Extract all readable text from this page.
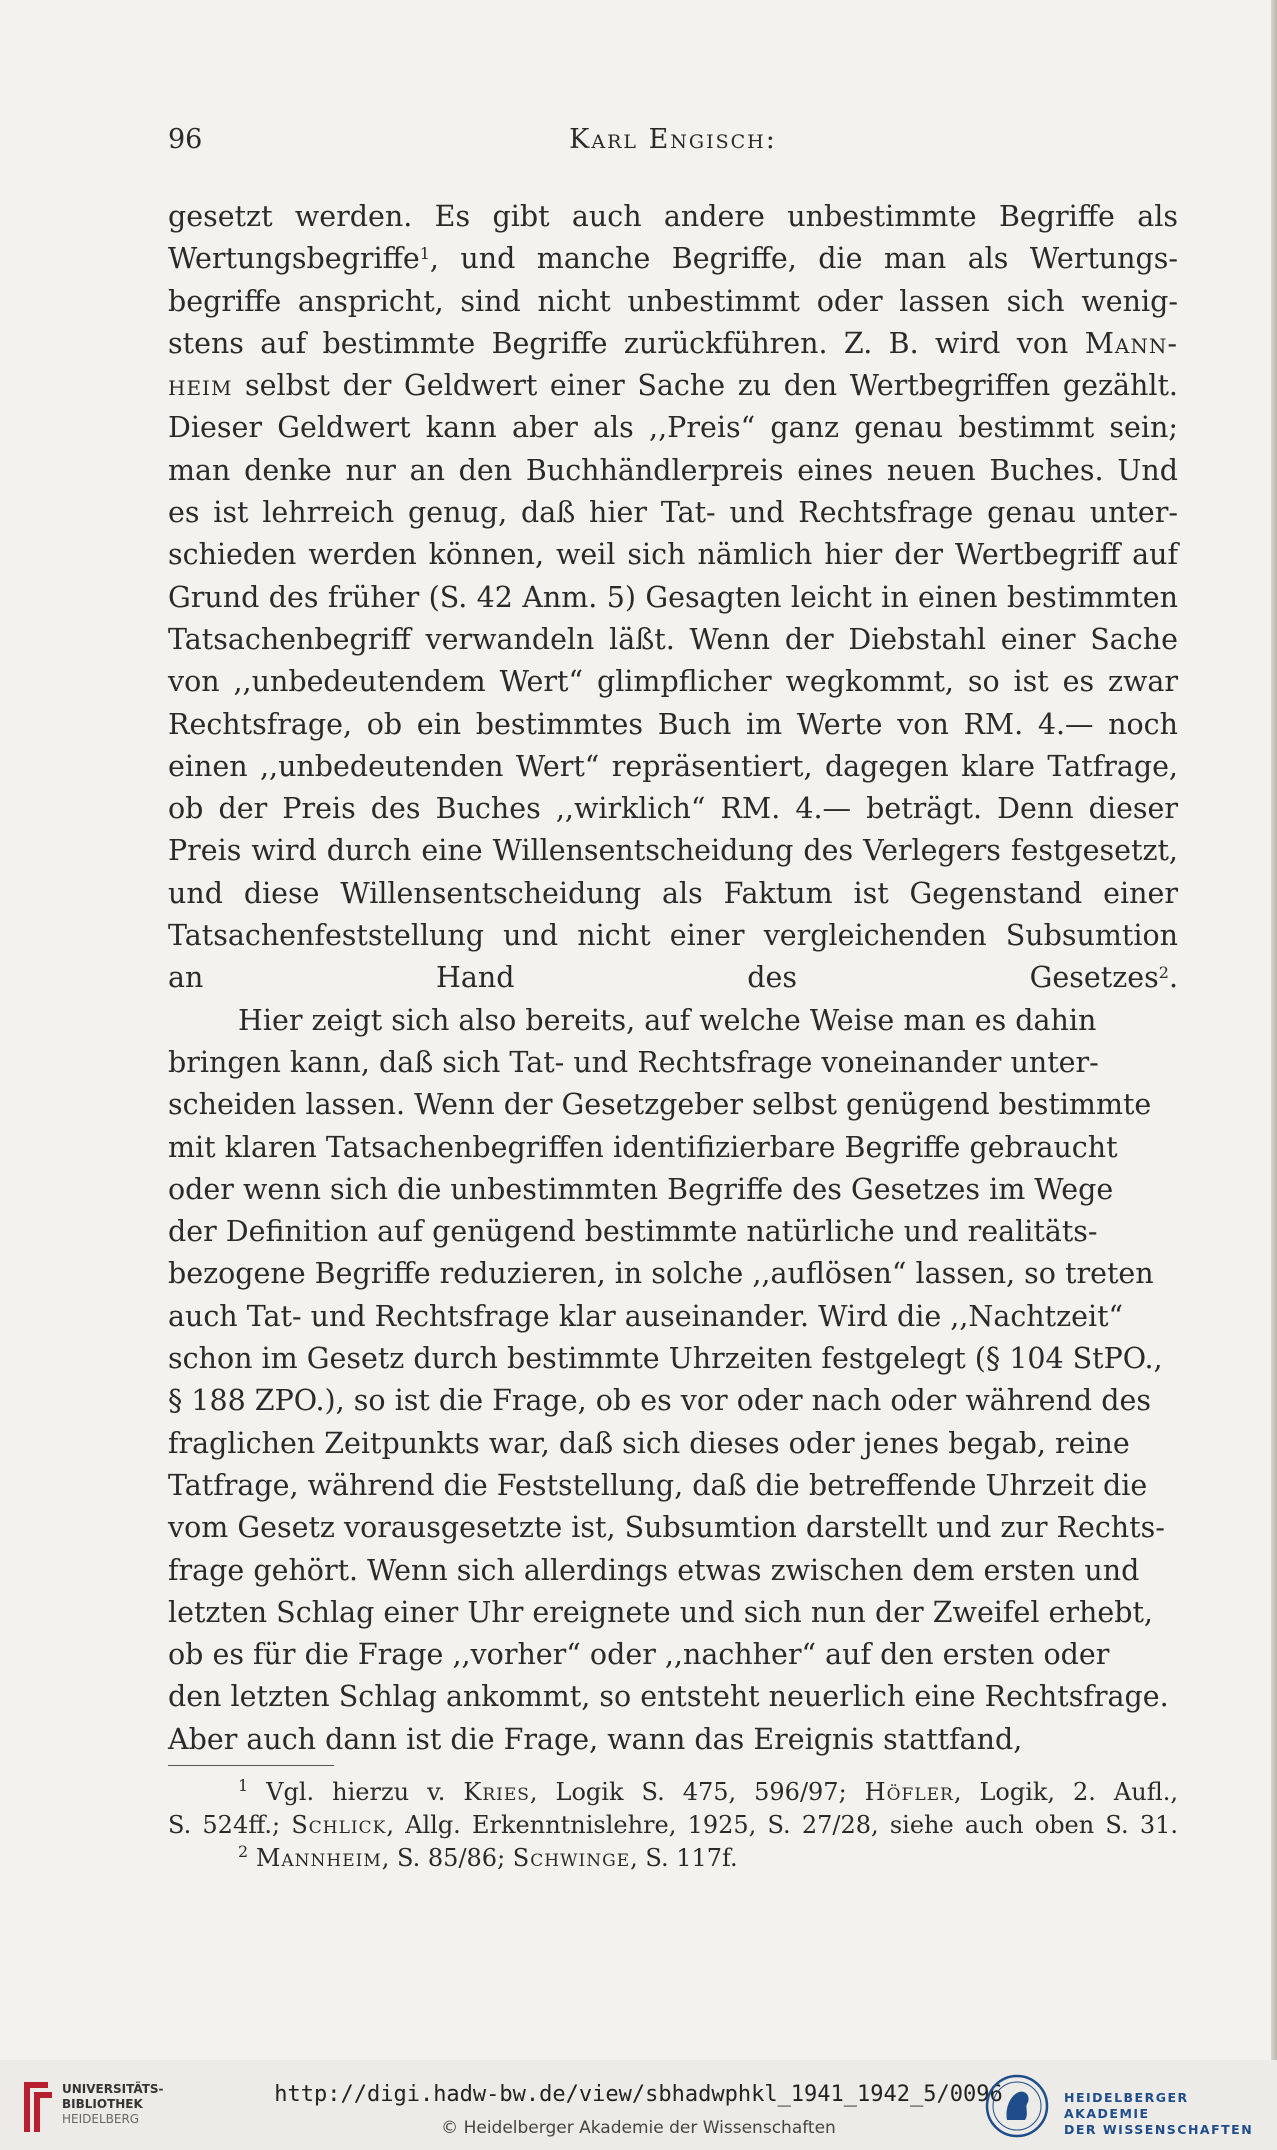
96	Karl Engisch:

gesetzt werden. Es gibt auch andere unbestimmte Begriffe als
Wertungsbegriffe$^1$, und manche Begriffe, die man als Wertungs-
begriffe anspricht, sind nicht unbestimmt oder lassen sich wenig-
stens auf bestimmte Begriffe zurückführen. Z. B. wird von Mann-
heim selbst der Geldwert einer Sache zu den Wertbegriffen gezählt.
Dieser Geldwert kann aber als ,,Preis“ ganz genau bestimmt sein;
man denke nur an den Buchhändlerpreis eines neuen Buches. Und
es ist lehrreich genug, daß hier Tat- und Rechtsfrage genau unter-
schieden werden können, weil sich nämlich hier der Wertbegriff auf
Grund des früher (S. 42 Anm. 5) Gesagten leicht in einen bestimmten
Tatsachenbegriff verwandeln läßt. Wenn der Diebstahl einer Sache
von ,,unbedeutendem Wert“ glimpflicher wegkommt, so ist es zwar
Rechtsfrage, ob ein bestimmtes Buch im Werte von RM. 4.— noch
einen ,,unbedeutenden Wert“ repräsentiert, dagegen klare Tatfrage,
ob der Preis des Buches ,,wirklich“ RM. 4.— beträgt. Denn dieser
Preis wird durch eine Willensentscheidung des Verlegers festgesetzt,
und diese Willensentscheidung als Faktum ist Gegenstand einer
Tatsachenfeststellung und nicht einer vergleichenden Subsumtion
an Hand des Gesetzes$^2$.

Hier zeigt sich also bereits, auf welche Weise man es dahin
bringen kann, daß sich Tat- und Rechtsfrage voneinander unter-
scheiden lassen. Wenn der Gesetzgeber selbst genügend bestimmte
mit klaren Tatsachenbegriffen identifizierbare Begriffe gebraucht
oder wenn sich die unbestimmten Begriffe des Gesetzes im Wege
der Definition auf genügend bestimmte natürliche und realitäts-
bezogene Begriffe reduzieren, in solche ,,auflösen“ lassen, so treten
auch Tat- und Rechtsfrage klar auseinander. Wird die ,,Nachtzeit“
schon im Gesetz durch bestimmte Uhrzeiten festgelegt (§ 104 StPO.,
§ 188 ZPO.), so ist die Frage, ob es vor oder nach oder während des
fraglichen Zeitpunkts war, daß sich dieses oder jenes begab, reine
Tatfrage, während die Feststellung, daß die betreffende Uhrzeit die
vom Gesetz vorausgesetzte ist, Subsumtion darstellt und zur Rechts-
frage gehört. Wenn sich allerdings etwas zwischen dem ersten und
letzten Schlag einer Uhr ereignete und sich nun der Zweifel erhebt,
ob es für die Frage ,,vorher“ oder ,,nachher“ auf den ersten oder
den letzten Schlag ankommt, so entsteht neuerlich eine Rechtsfrage.
Aber auch dann ist die Frage, wann das Ereignis stattfand,

$^1$ Vgl. hierzu v. Kries, Logik S. 475, 596/97; Höfler, Logik, 2. Aufl.,
S. 524ff.; Schlick, Allg. Erkenntnislehre, 1925, S. 27/28, siehe auch oben S. 31.

$^2$ Mannheim, S. 85/86; Schwinge, S. 117f.

UNIVERSITÄTS-
BIBLIOTHEK
HEIDELBERG
http://digi.hadw-bw.de/view/sbhadwphkl_1941_1942_5/0096
© Heidelberger Akademie der Wissenschaften
HEIDELBERGER AKADEMIE
DER WISSENSCHAFTEN
